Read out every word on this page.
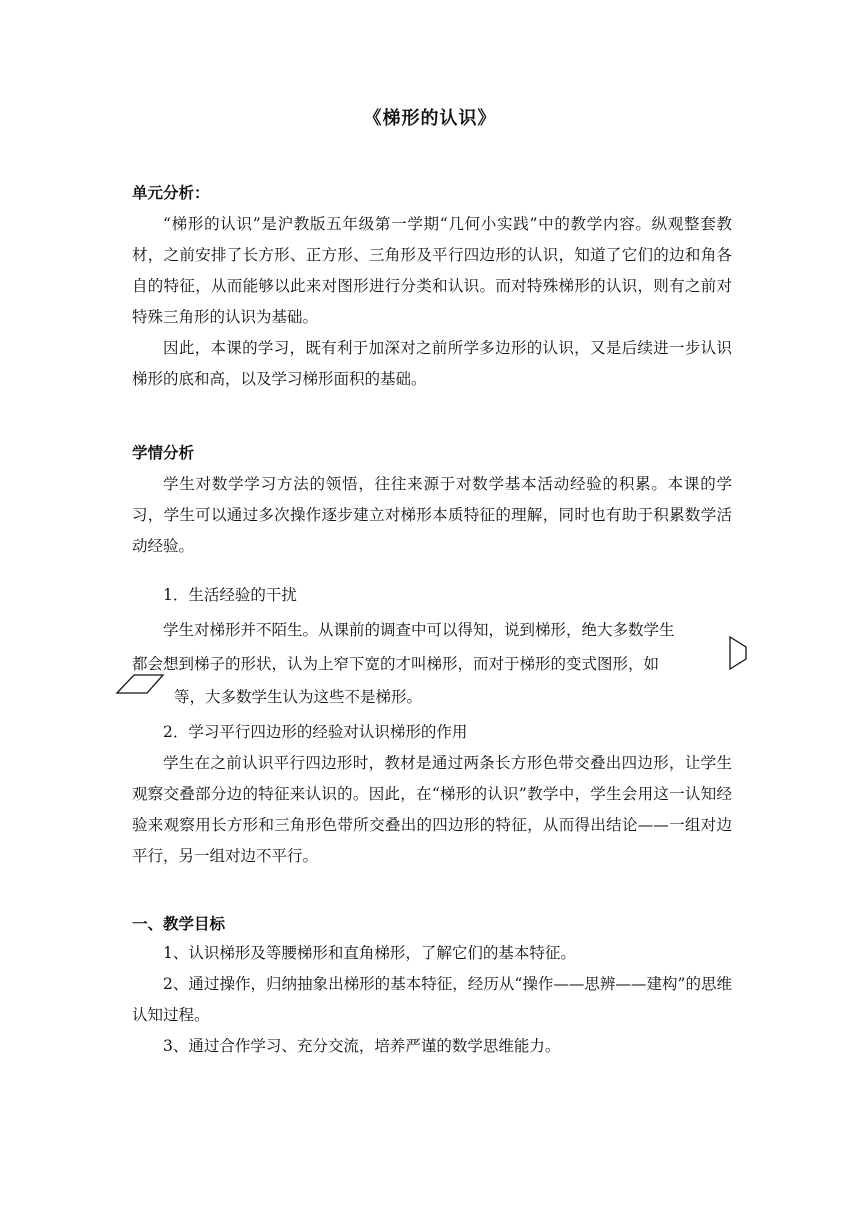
《梯形的认识》
单元分析：

“梯形的认识”是沪教版五年级第一学期“几何小实践”中的教学内容。纵观整套教材，之前安排了长方形、正方形、三角形及平行四边形的认识，知道了它们的边和角各自的特征，从而能够以此来对图形进行分类和认识。而对特殊梯形的认识，则有之前对特殊三角形的认识为基础。

因此，本课的学习，既有利于加深对之前所学多边形的认识，又是后续进一步认识梯形的底和高，以及学习梯形面积的基础。

学情分析

学生对数学学习方法的领悟，往往来源于对数学基本活动经验的积累。本课的学习，学生可以通过多次操作逐步建立对梯形本质特征的理解，同时也有助于积累数学活动经验。

1．生活经验的干扰
学生对梯形并不陌生。从课前的调查中可以得知，说到梯形，绝大多数学生
都会想到梯子的形状，认为上窄下宽的才叫梯形，而对于梯形的变式图形，如
等，大多数学生认为这些不是梯形。
2．学习平行四边形的经验对认识梯形的作用

学生在之前认识平行四边形时，教材是通过两条长方形色带交叠出四边形，让学生观察交叠部分边的特征来认识的。因此，在“梯形的认识”教学中，学生会用这一认知经验来观察用长方形和三角形色带所交叠出的四边形的特征，从而得出结论——一组对边平行，另一组对边不平行。

一、教学目标

1、认识梯形及等腰梯形和直角梯形，了解它们的基本特征。

2、通过操作，归纳抽象出梯形的基本特征，经历从“操作——思辨——建构”的思维认知过程。

3、通过合作学习、充分交流，培养严谨的数学思维能力。
